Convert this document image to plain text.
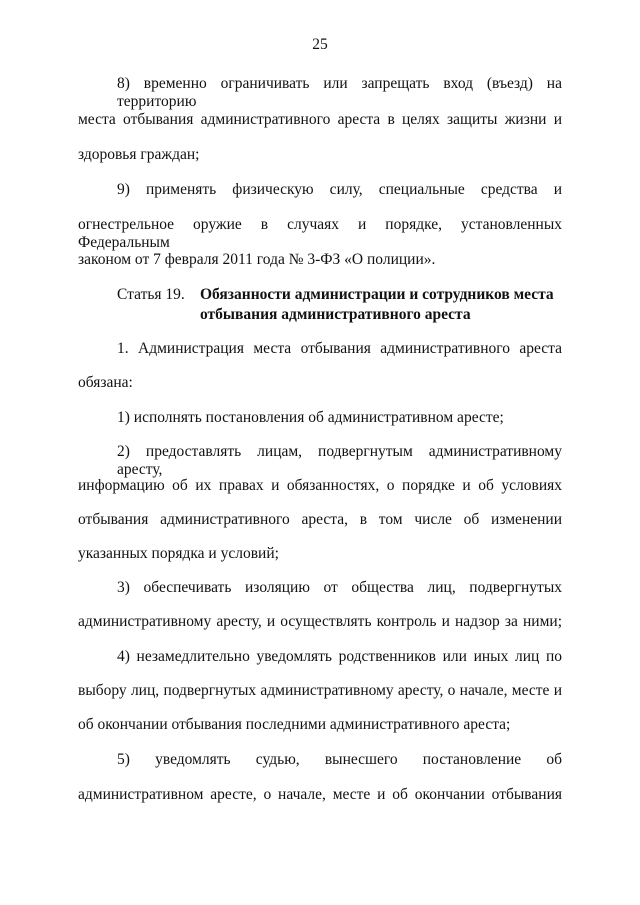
25
8) временно ограничивать или запрещать вход (въезд) на территорию
места отбывания административного ареста в целях защиты жизни и
здоровья граждан;
9) применять физическую силу, специальные средства и
огнестрельное оружие в случаях и порядке, установленных Федеральным
законом от 7 февраля 2011 года № 3-ФЗ «О полиции».
Статья 19. Обязанности администрации и сотрудников места
отбывания административного ареста
1. Администрация места отбывания административного ареста
обязана:
1) исполнять постановления об административном аресте;
2) предоставлять лицам, подвергнутым административному аресту,
информацию об их правах и обязанностях, о порядке и об условиях
отбывания административного ареста, в том числе об изменении
указанных порядка и условий;
3) обеспечивать изоляцию от общества лиц, подвергнутых
административному аресту, и осуществлять контроль и надзор за ними;
4) незамедлительно уведомлять родственников или иных лиц по
выбору лиц, подвергнутых административному аресту, о начале, месте и
об окончании отбывания последними административного ареста;
5) уведомлять судью, вынесшего постановление об
административном аресте, о начале, месте и об окончании отбывания
